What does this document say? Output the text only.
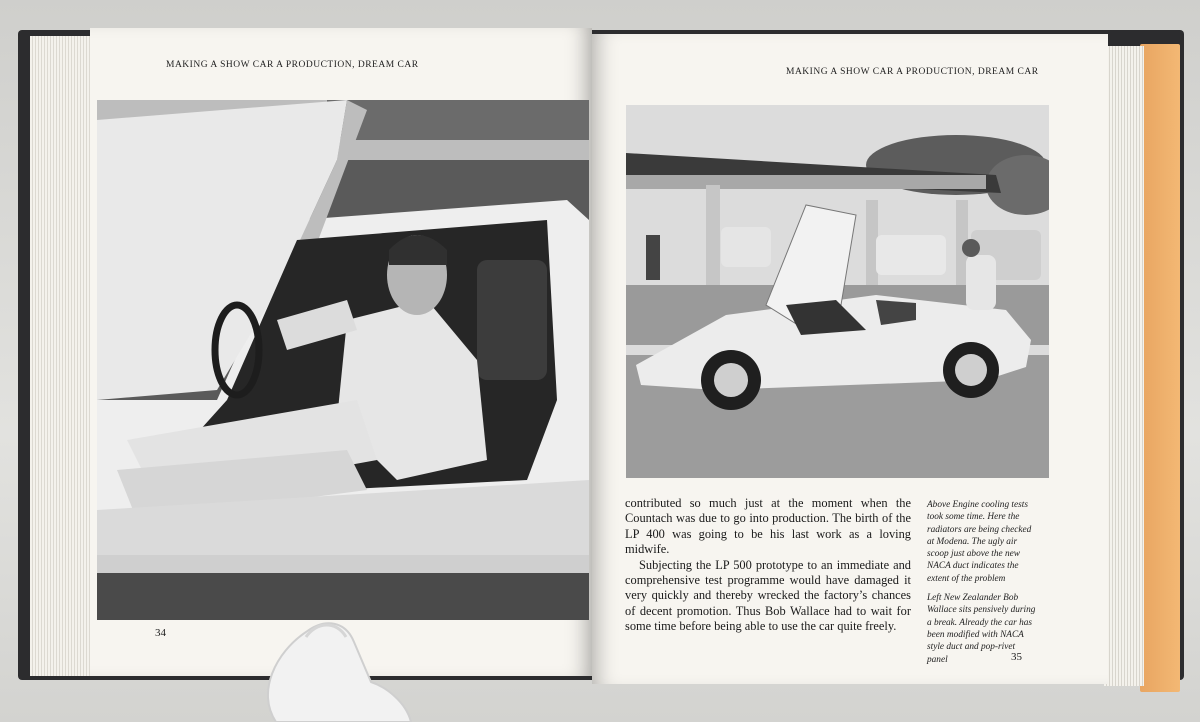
MAKING A SHOW CAR A PRODUCTION, DREAM CAR
34
MAKING A SHOW CAR A PRODUCTION, DREAM CAR

contributed so much just at the moment when the Countach was due to go into production. The birth of the LP 400 was going to be his last work as a loving midwife.

Subjecting the LP 500 prototype to an immediate and comprehensive test programme would have damaged it very quickly and thereby wrecked the factory’s chances of decent promotion. Thus Bob Wallace had to wait for some time before being able to use the car quite freely.

Above Engine cooling tests took some time. Here the radiators are being checked at Modena. The ugly air scoop just above the new NACA duct indicates the extent of the problem

Left New Zealander Bob Wallace sits pensively during a break. Already the car has been modified with NACA style duct and pop-rivet panel	35
